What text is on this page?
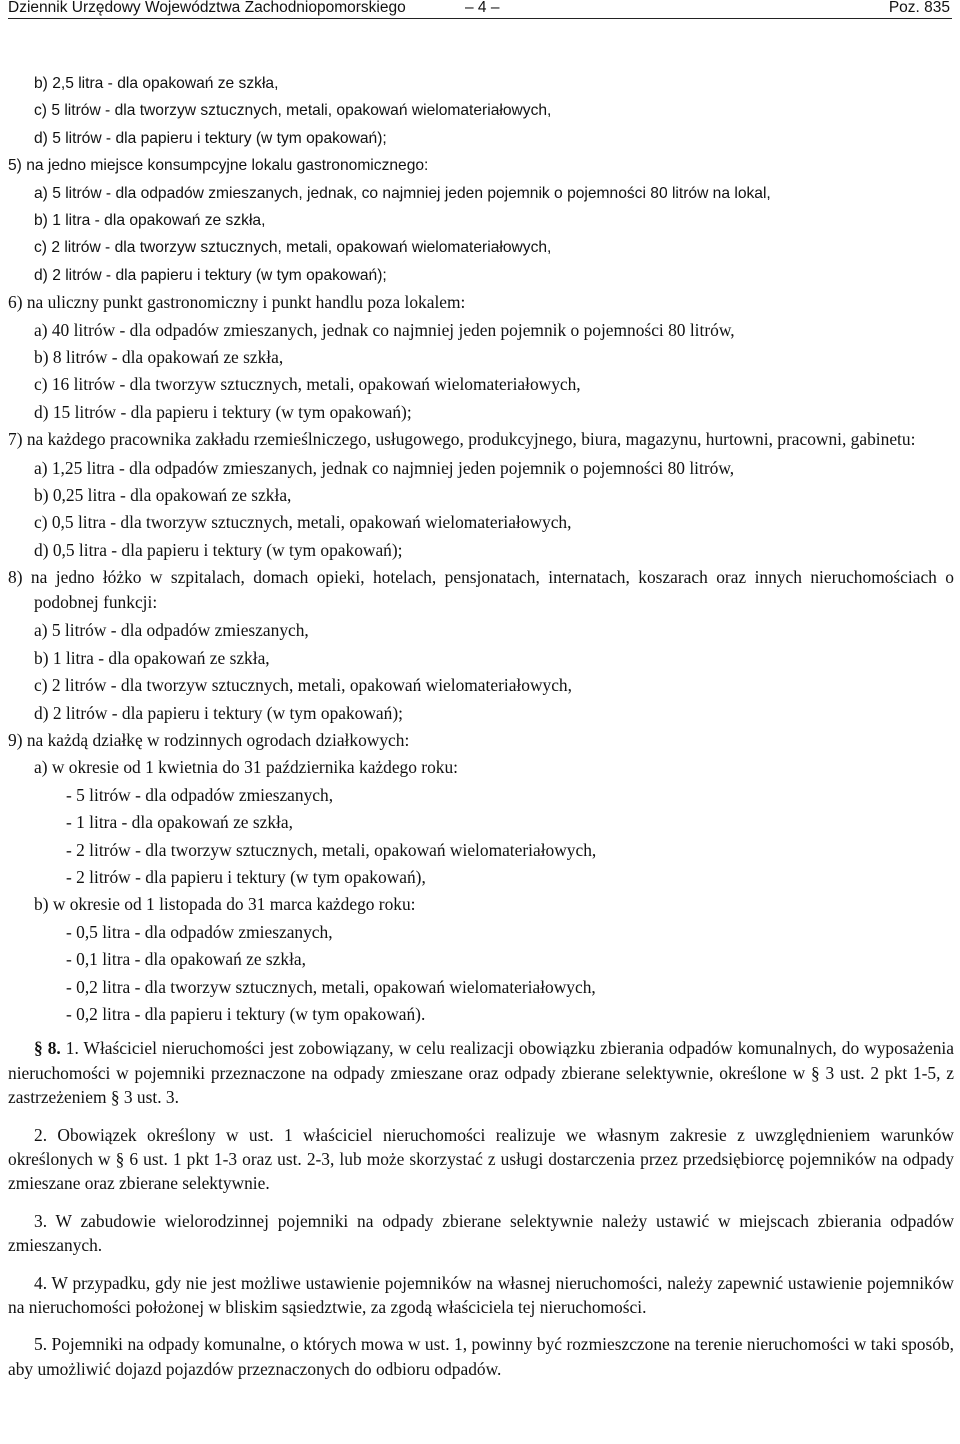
Dziennik Urzędowy Województwa Zachodniopomorskiego	– 4 –	Poz. 835
b) 2,5 litra - dla opakowań ze szkła,
c) 5 litrów - dla tworzyw sztucznych, metali, opakowań wielomateriałowych,
d) 5 litrów - dla papieru i tektury (w tym opakowań);
5) na jedno miejsce konsumpcyjne lokalu gastronomicznego:
a) 5 litrów - dla odpadów zmieszanych, jednak, co najmniej jeden pojemnik o pojemności 80 litrów na lokal,
b) 1 litra - dla opakowań ze szkła,
c) 2 litrów - dla tworzyw sztucznych, metali, opakowań wielomateriałowych,
d) 2 litrów - dla papieru i tektury (w tym opakowań);
6) na uliczny punkt gastronomiczny i punkt handlu poza lokalem:
a) 40 litrów - dla odpadów zmieszanych, jednak co najmniej jeden pojemnik o pojemności 80 litrów,
b) 8 litrów - dla opakowań ze szkła,
c) 16 litrów - dla tworzyw sztucznych, metali, opakowań wielomateriałowych,
d) 15 litrów - dla papieru i tektury (w tym opakowań);
7) na każdego pracownika zakładu rzemieślniczego, usługowego, produkcyjnego, biura, magazynu, hurtowni, pracowni, gabinetu:
a) 1,25 litra - dla odpadów zmieszanych, jednak co najmniej jeden pojemnik o pojemności 80 litrów,
b) 0,25 litra - dla opakowań ze szkła,
c) 0,5 litra - dla tworzyw sztucznych, metali, opakowań wielomateriałowych,
d) 0,5 litra - dla papieru i tektury (w tym opakowań);
8) na jedno łóżko w szpitalach, domach opieki, hotelach, pensjonatach, internatach, koszarach oraz innych nieruchomościach o podobnej funkcji:
a) 5 litrów - dla odpadów zmieszanych,
b) 1 litra - dla opakowań ze szkła,
c) 2 litrów - dla tworzyw sztucznych, metali, opakowań wielomateriałowych,
d) 2 litrów - dla papieru i tektury (w tym opakowań);
9) na każdą działkę w rodzinnych ogrodach działkowych:
a) w okresie od 1 kwietnia do 31 października każdego roku:
- 5 litrów - dla odpadów zmieszanych,
- 1 litra - dla opakowań ze szkła,
- 2 litrów - dla tworzyw sztucznych, metali, opakowań wielomateriałowych,
- 2 litrów - dla papieru i tektury (w tym opakowań),
b) w okresie od 1 listopada do 31 marca każdego roku:
- 0,5 litra - dla odpadów zmieszanych,
- 0,1 litra - dla opakowań ze szkła,
- 0,2 litra - dla tworzyw sztucznych, metali, opakowań wielomateriałowych,
- 0,2 litra - dla papieru i tektury (w tym opakowań).
§ 8. 1. Właściciel nieruchomości jest zobowiązany, w celu realizacji obowiązku zbierania odpadów komunalnych, do wyposażenia nieruchomości w pojemniki przeznaczone na odpady zmieszane oraz odpady zbierane selektywnie, określone w § 3 ust. 2 pkt 1-5, z zastrzeżeniem § 3 ust. 3.
2. Obowiązek określony w ust. 1 właściciel nieruchomości realizuje we własnym zakresie z uwzględnieniem warunków określonych w § 6 ust. 1 pkt 1-3 oraz ust. 2-3, lub może skorzystać z usługi dostarczenia przez przedsiębiorcę pojemników na odpady zmieszane oraz zbierane selektywnie.
3. W zabudowie wielorodzinnej pojemniki na odpady zbierane selektywnie należy ustawić w miejscach zbierania odpadów zmieszanych.
4. W przypadku, gdy nie jest możliwe ustawienie pojemników na własnej nieruchomości, należy zapewnić ustawienie pojemników na nieruchomości położonej w bliskim sąsiedztwie, za zgodą właściciela tej nieruchomości.
5. Pojemniki na odpady komunalne, o których mowa w ust. 1, powinny być rozmieszczone na terenie nieruchomości w taki sposób, aby umożliwić dojazd pojazdów przeznaczonych do odbioru odpadów.
